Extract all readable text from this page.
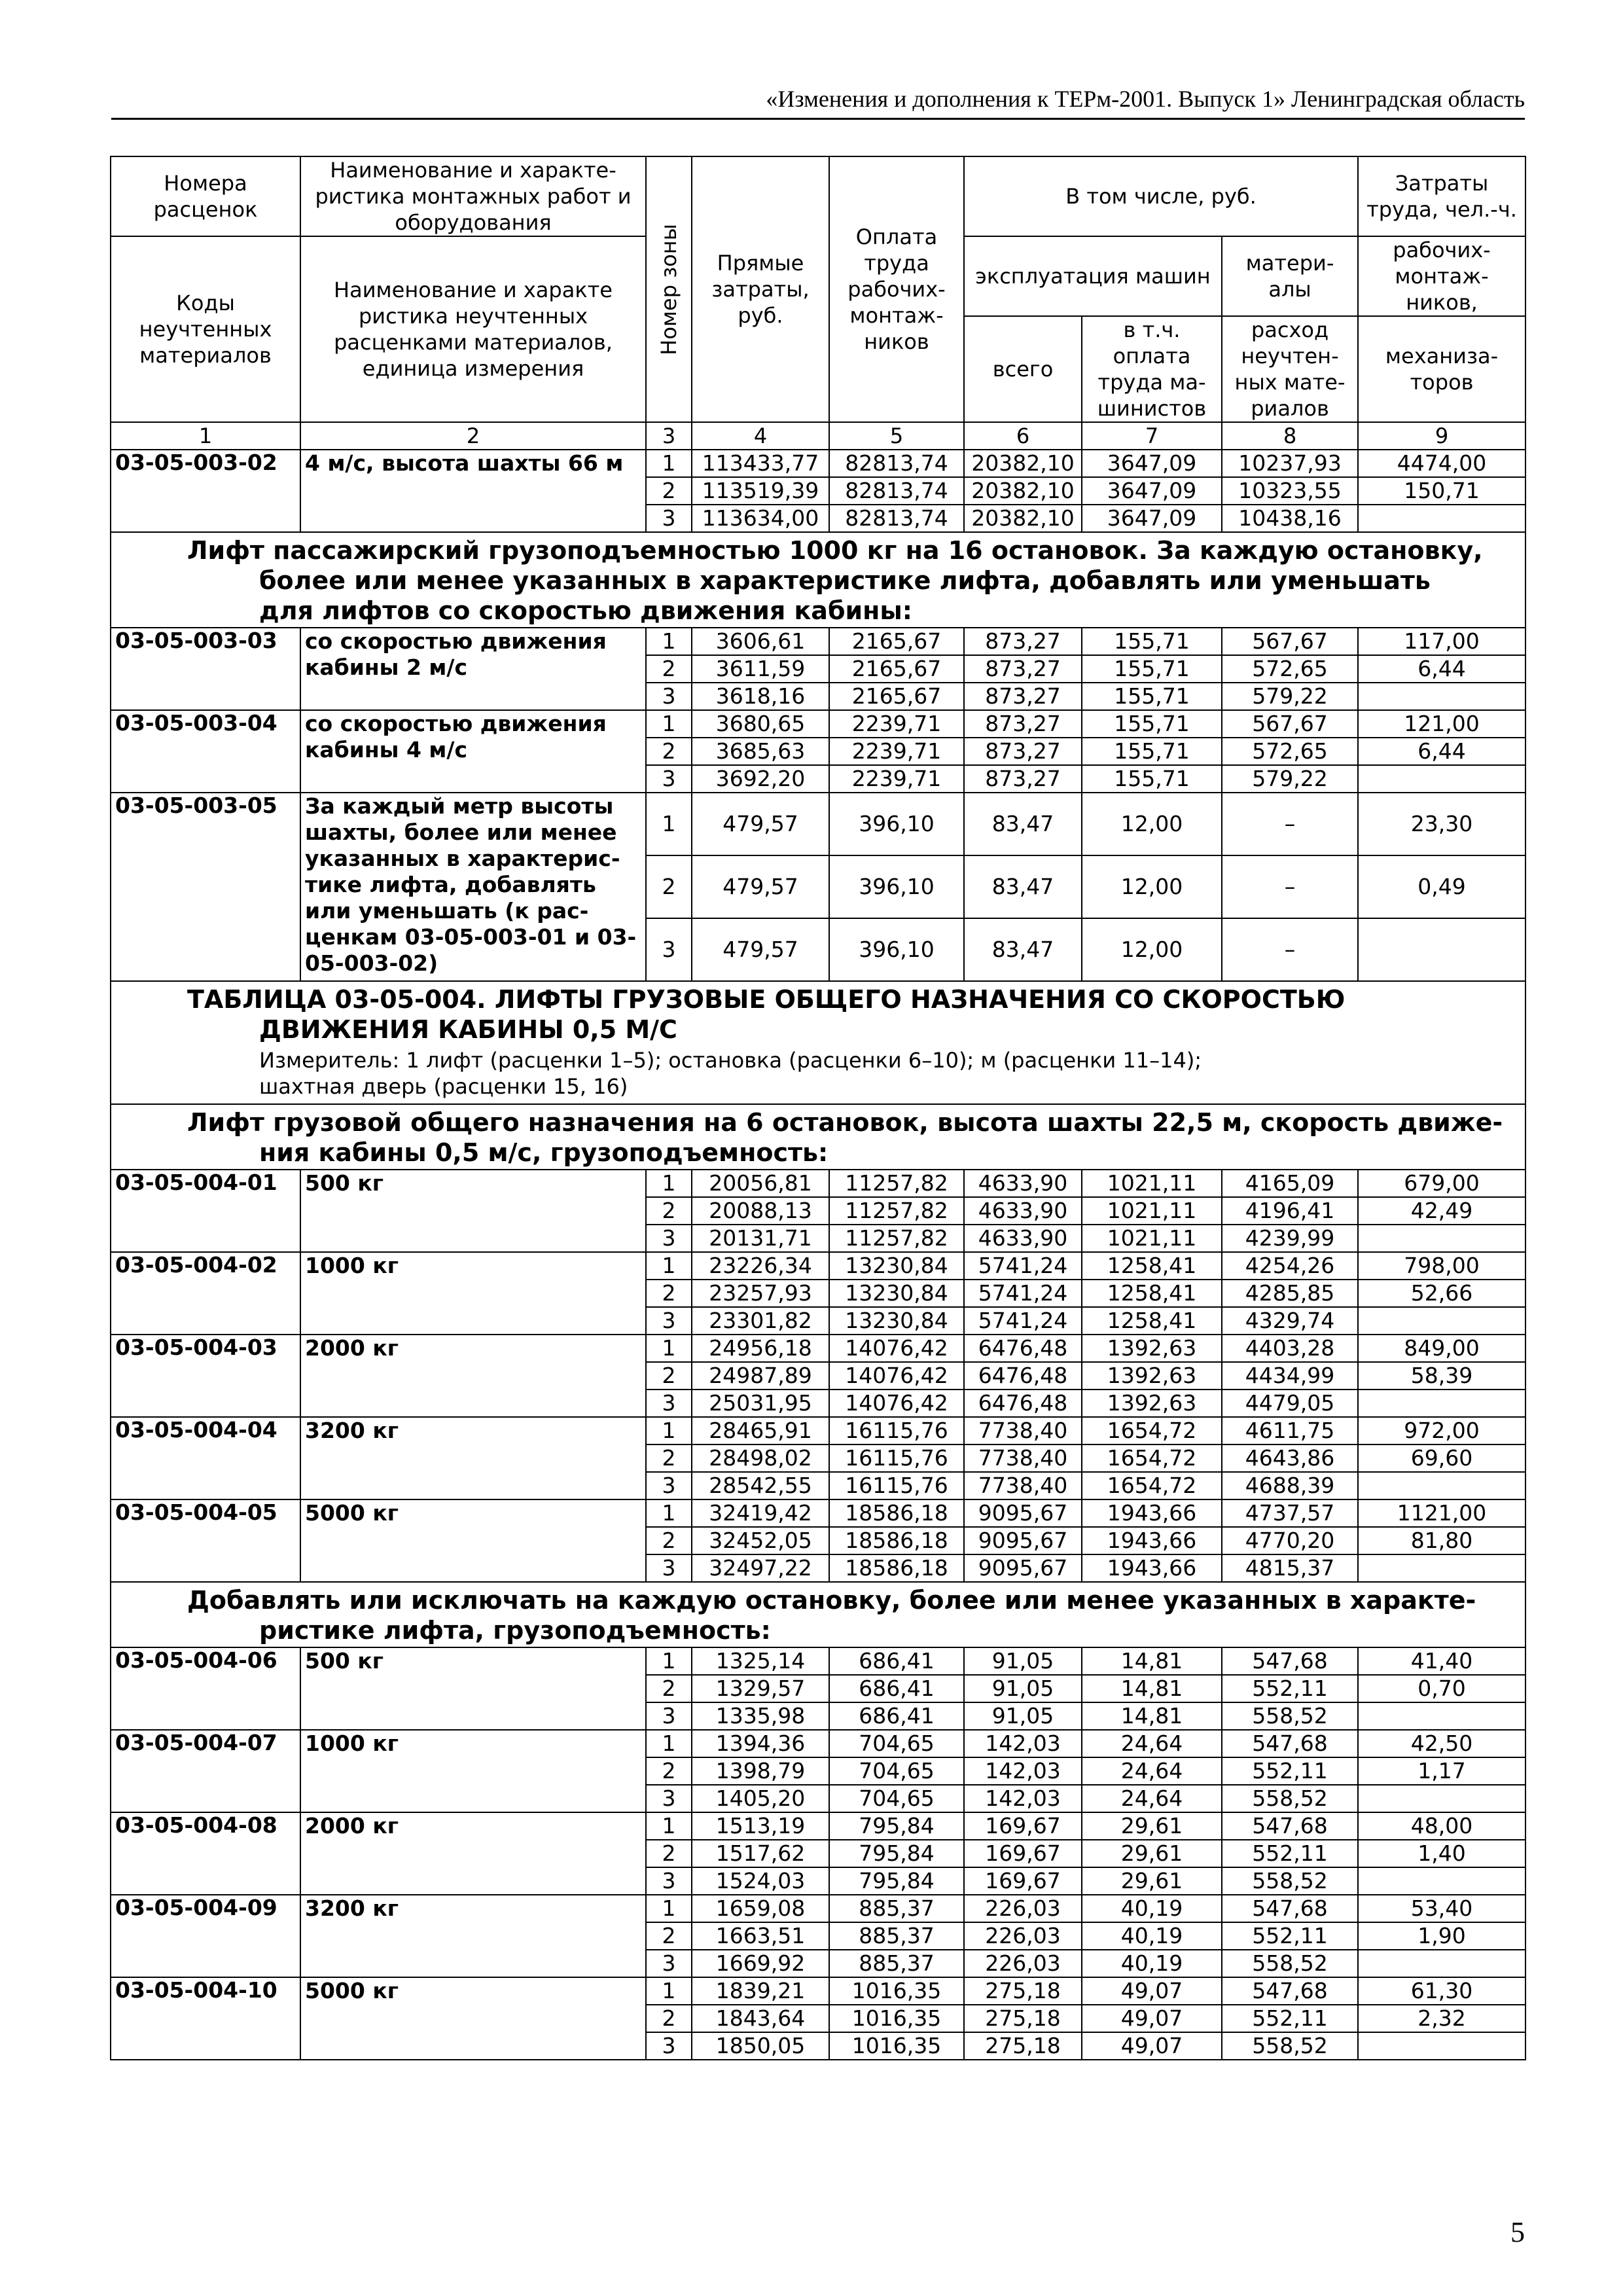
«Изменения и дополнения к ТЕРм-2001. Выпуск 1» Ленинградская область
Номера расценок	Наименование и характе-ристика монтажных работ и оборудования	Номер зоны	Прямые затраты, руб.	Оплата труда рабочих-монтаж-ников	В том числе, руб.			Затраты труда, чел.-ч.
Коды неучтенных материалов	Наименование и характе ристика неучтенных расценками материалов, единица измерения				эксплуатация машин		матери-алы	рабочих-монтаж-ников,
					всего	в т.ч. оплата труда ма-шинистов	расход неучтен-ных мате-риалов	механиза-торов
1	2	3	4	5	6	7	8	9
03-05-003-02	4 м/с, высота шахты 66 м	1	113433,77	82813,74	20382,10	3647,09	10237,93	4474,00
		2	113519,39	82813,74	20382,10	3647,09	10323,55	150,71
		3	113634,00	82813,74	20382,10	3647,09	10438,16	

Лифт пассажирский грузоподъемностью 1000 кг на 16 остановок. За каждую остановку,
более или менее указанных в характеристике лифта, добавлять или уменьшать
для лифтов со скоростью движения кабины:								

03-05-003-03	со скоростью движения кабины 2 м/с	1	3606,61	2165,67	873,27	155,71	567,67	117,00
		2	3611,59	2165,67	873,27	155,71	572,65	6,44
		3	3618,16	2165,67	873,27	155,71	579,22	
03-05-003-04	со скоростью движения кабины 4 м/с	1	3680,65	2239,71	873,27	155,71	567,67	121,00
		2	3685,63	2239,71	873,27	155,71	572,65	6,44
		3	3692,20	2239,71	873,27	155,71	579,22	
03-05-003-05	За каждый метр высоты шахты, более или менее указанных в характерис-тике лифта, добавлять или уменьшать (к рас-ценкам 03-05-003-01 и 03-05-003-02)	1	479,57	396,10	83,47	12,00	–	23,30
		2	479,57	396,10	83,47	12,00	–	0,49
		3	479,57	396,10	83,47	12,00	–	

ТАБЛИЦА 03-05-004. ЛИФТЫ ГРУЗОВЫЕ ОБЩЕГО НАЗНАЧЕНИЯ СО СКОРОСТЬЮ
ДВИЖЕНИЯ КАБИНЫ 0,5 М/С
Измеритель: 1 лифт (расценки 1–5); остановка (расценки 6–10); м (расценки 11–14);
шахтная дверь (расценки 15, 16)								

Лифт грузовой общего назначения на 6 остановок, высота шахты 22,5 м, скорость движе-
ния кабины 0,5 м/с, грузоподъемность:								

03-05-004-01	500 кг	1	20056,81	11257,82	4633,90	1021,11	4165,09	679,00
		2	20088,13	11257,82	4633,90	1021,11	4196,41	42,49
		3	20131,71	11257,82	4633,90	1021,11	4239,99	
03-05-004-02	1000 кг	1	23226,34	13230,84	5741,24	1258,41	4254,26	798,00
		2	23257,93	13230,84	5741,24	1258,41	4285,85	52,66
		3	23301,82	13230,84	5741,24	1258,41	4329,74	
03-05-004-03	2000 кг	1	24956,18	14076,42	6476,48	1392,63	4403,28	849,00
		2	24987,89	14076,42	6476,48	1392,63	4434,99	58,39
		3	25031,95	14076,42	6476,48	1392,63	4479,05	
03-05-004-04	3200 кг	1	28465,91	16115,76	7738,40	1654,72	4611,75	972,00
		2	28498,02	16115,76	7738,40	1654,72	4643,86	69,60
		3	28542,55	16115,76	7738,40	1654,72	4688,39	
03-05-004-05	5000 кг	1	32419,42	18586,18	9095,67	1943,66	4737,57	1121,00
		2	32452,05	18586,18	9095,67	1943,66	4770,20	81,80
		3	32497,22	18586,18	9095,67	1943,66	4815,37	

Добавлять или исключать на каждую остановку, более или менее указанных в характе-
ристике лифта, грузоподъемность:								

03-05-004-06	500 кг	1	1325,14	686,41	91,05	14,81	547,68	41,40
		2	1329,57	686,41	91,05	14,81	552,11	0,70
		3	1335,98	686,41	91,05	14,81	558,52	
03-05-004-07	1000 кг	1	1394,36	704,65	142,03	24,64	547,68	42,50
		2	1398,79	704,65	142,03	24,64	552,11	1,17
		3	1405,20	704,65	142,03	24,64	558,52	
03-05-004-08	2000 кг	1	1513,19	795,84	169,67	29,61	547,68	48,00
		2	1517,62	795,84	169,67	29,61	552,11	1,40
		3	1524,03	795,84	169,67	29,61	558,52	
03-05-004-09	3200 кг	1	1659,08	885,37	226,03	40,19	547,68	53,40
		2	1663,51	885,37	226,03	40,19	552,11	1,90
		3	1669,92	885,37	226,03	40,19	558,52	
03-05-004-10	5000 кг	1	1839,21	1016,35	275,18	49,07	547,68	61,30
		2	1843,64	1016,35	275,18	49,07	552,11	2,32
		3	1850,05	1016,35	275,18	49,07	558,52	
5
